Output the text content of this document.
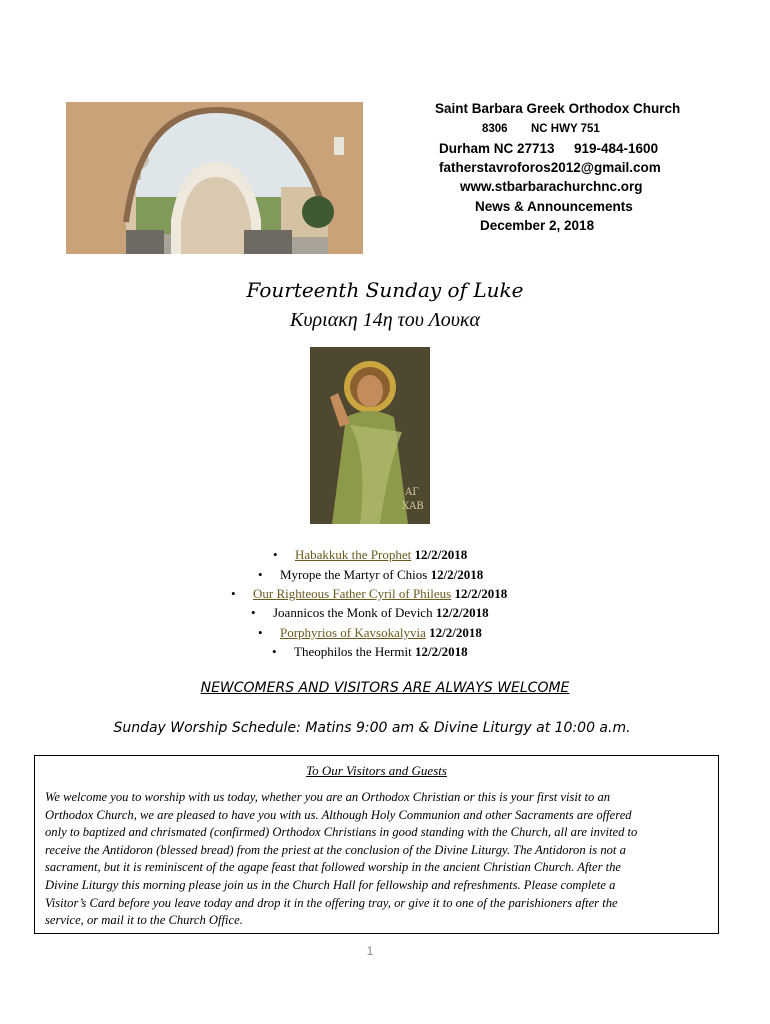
Saint Barbara Greek Orthodox Church
8306 NC HWY 751
Durham NC 27713 919-484-1600
fatherstavroforos2012@gmail.com
www.stbarbarachurchnc.org
News & Announcements
December 2, 2018
Fourteenth Sunday of Luke
Κυριακη 14η του Λουκα
ΑΓ
ΧΑΒ
• Habakkuk the Prophet 12/2/2018
• Myrope the Martyr of Chios 12/2/2018
• Our Righteous Father Cyril of Phileus 12/2/2018
• Joannicos the Monk of Devich 12/2/2018
• Porphyrios of Kavsokalyvia 12/2/2018
• Theophilos the Hermit 12/2/2018
NEWCOMERS AND VISITORS ARE ALWAYS WELCOME
Sunday Worship Schedule: Matins 9:00 am & Divine Liturgy at 10:00 a.m.
To Our Visitors and Guests
We welcome you to worship with us today, whether you are an Orthodox Christian or this is your first visit to an
Orthodox Church, we are pleased to have you with us. Although Holy Communion and other Sacraments are offered
only to baptized and chrismated (confirmed) Orthodox Christians in good standing with the Church, all are invited to
receive the Antidoron (blessed bread) from the priest at the conclusion of the Divine Liturgy. The Antidoron is not a
sacrament, but it is reminiscent of the agape feast that followed worship in the ancient Christian Church. After the
Divine Liturgy this morning please join us in the Church Hall for fellowship and refreshments. Please complete a
Visitor’s Card before you leave today and drop it in the offering tray, or give it to one of the parishioners after the
service, or mail it to the Church Office.
1
